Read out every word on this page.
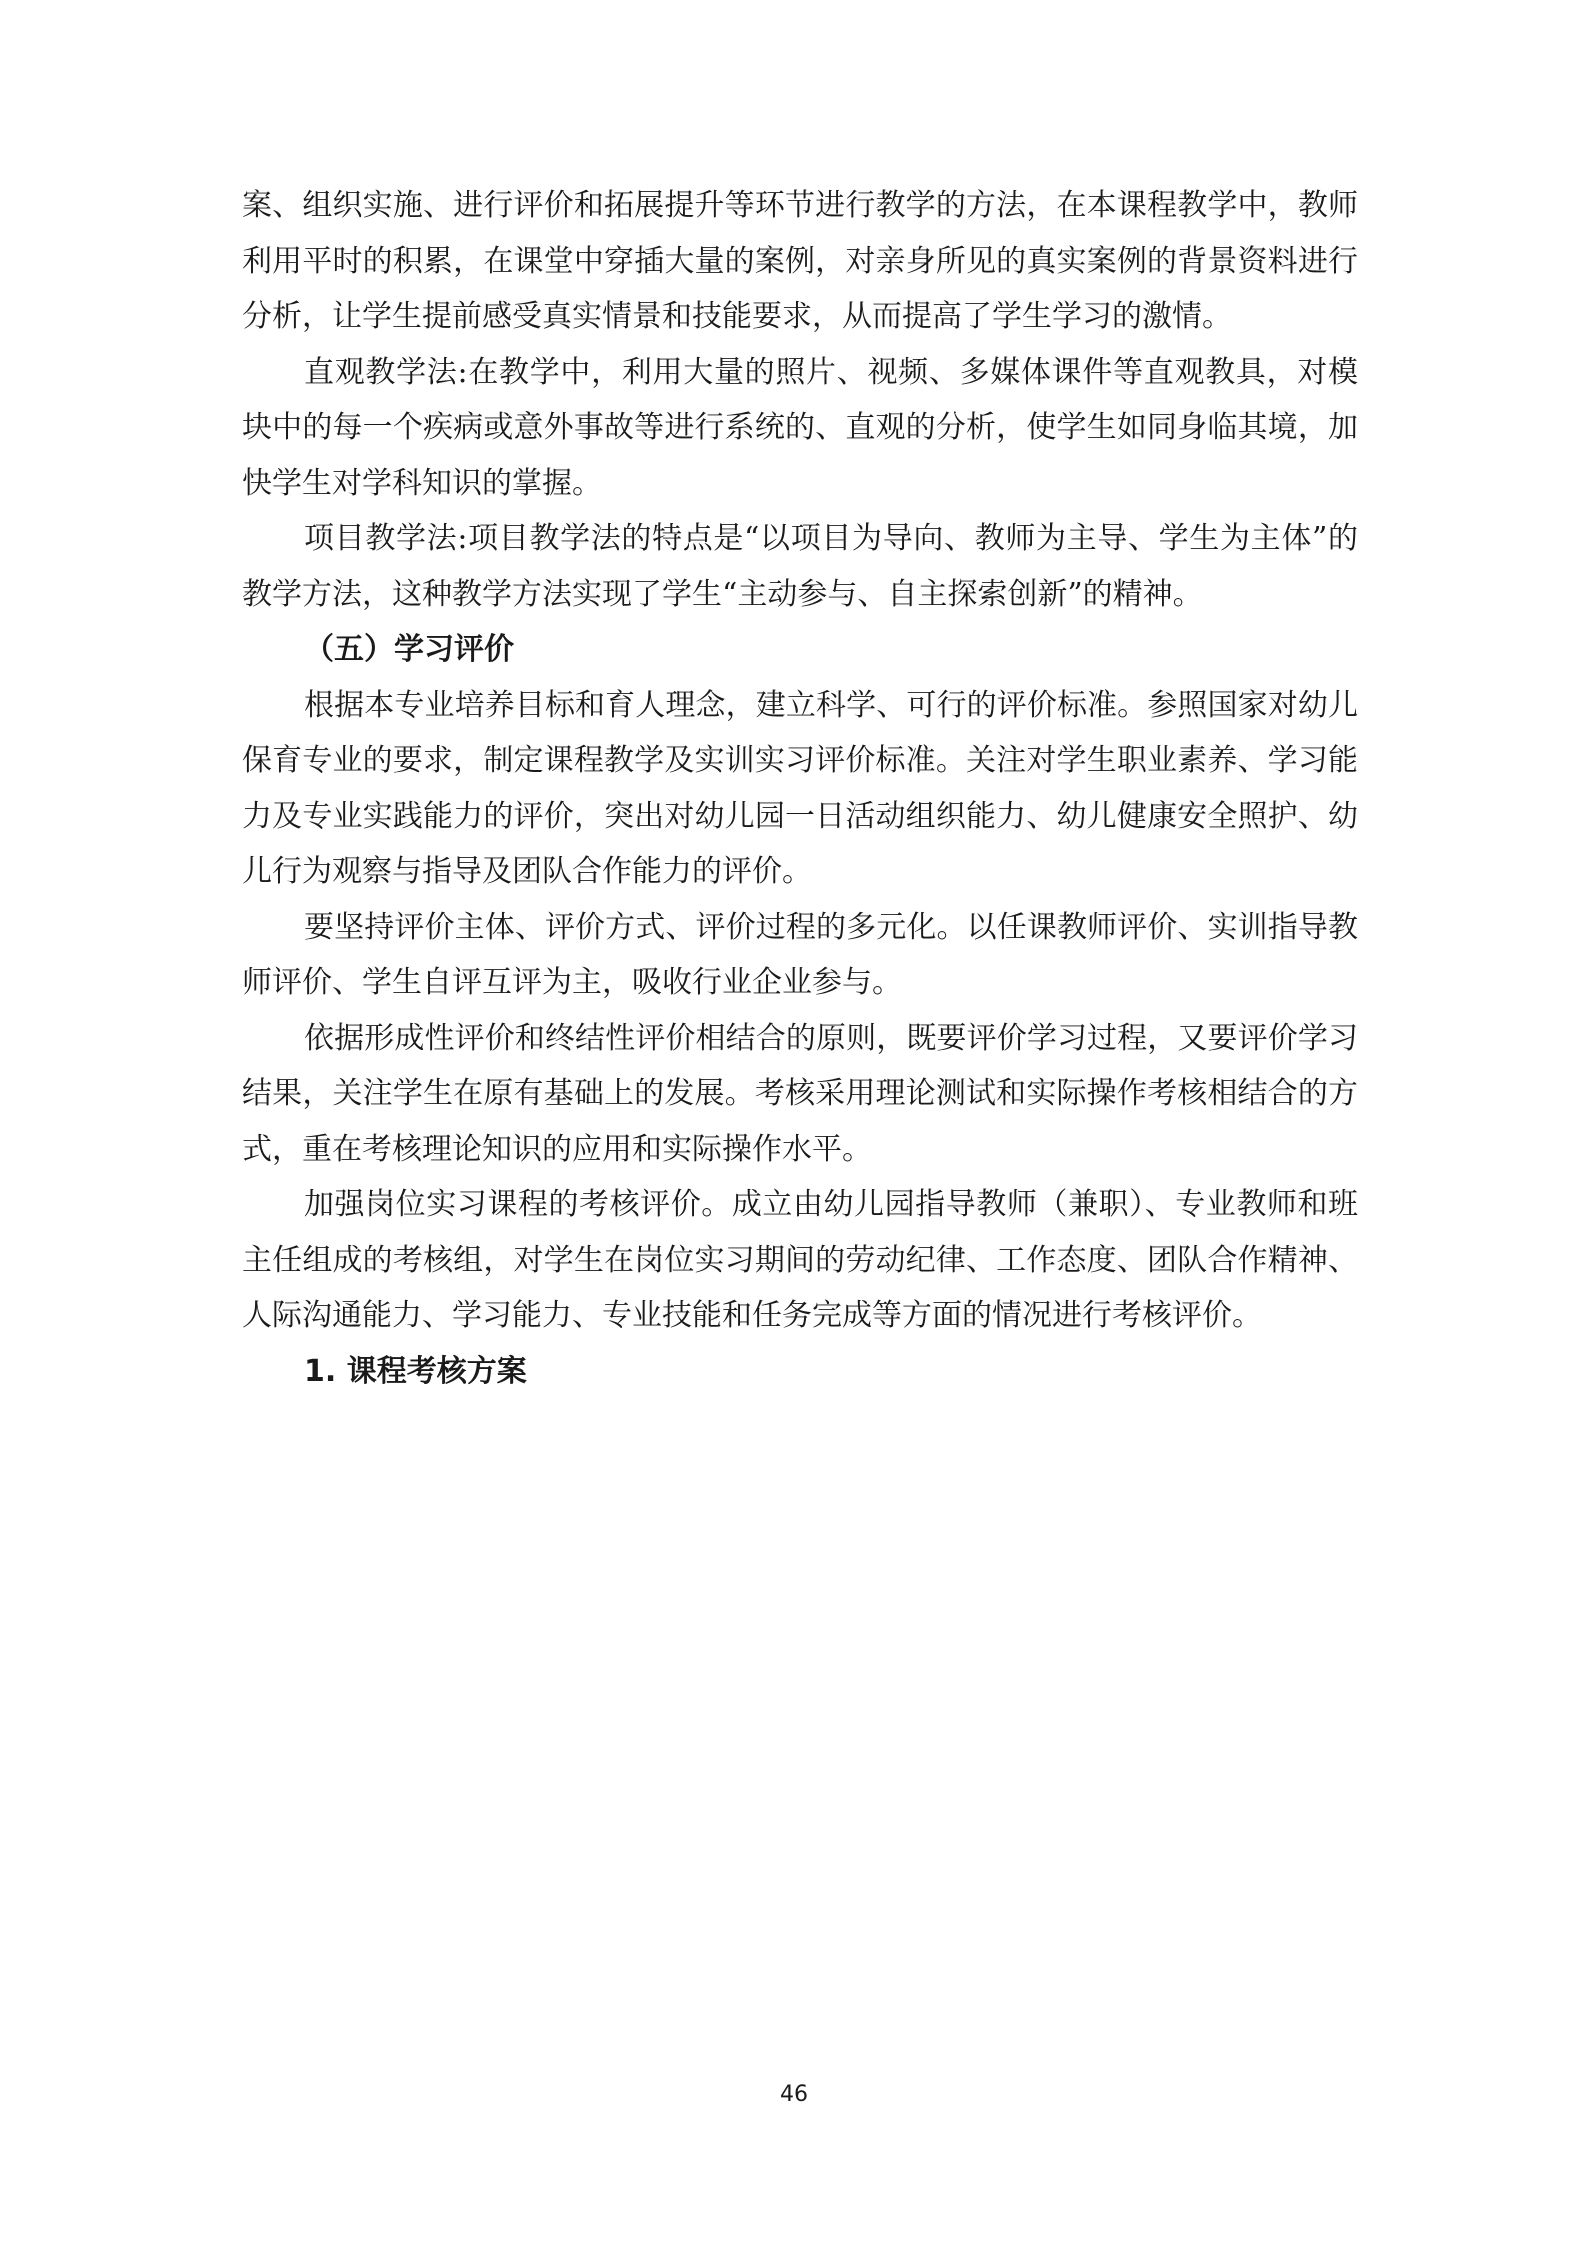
案、组织实施、进行评价和拓展提升等环节进行教学的方法，在本课程教学中，教师利用平时的积累，在课堂中穿插大量的案例，对亲身所见的真实案例的背景资料进行分析，让学生提前感受真实情景和技能要求，从而提高了学生学习的激情。

直观教学法:在教学中，利用大量的照片、视频、多媒体课件等直观教具，对模块中的每一个疾病或意外事故等进行系统的、直观的分析，使学生如同身临其境，加快学生对学科知识的掌握。

项目教学法:项目教学法的特点是“以项目为导向、教师为主导、学生为主体”的教学方法，这种教学方法实现了学生“主动参与、自主探索创新”的精神。

（五）学习评价

根据本专业培养目标和育人理念，建立科学、可行的评价标准。参照国家对幼儿保育专业的要求，制定课程教学及实训实习评价标准。关注对学生职业素养、学习能力及专业实践能力的评价，突出对幼儿园一日活动组织能力、幼儿健康安全照护、幼儿行为观察与指导及团队合作能力的评价。

要坚持评价主体、评价方式、评价过程的多元化。以任课教师评价、实训指导教师评价、学生自评互评为主，吸收行业企业参与。

依据形成性评价和终结性评价相结合的原则，既要评价学习过程，又要评价学习结果，关注学生在原有基础上的发展。考核采用理论测试和实际操作考核相结合的方式，重在考核理论知识的应用和实际操作水平。

加强岗位实习课程的考核评价。成立由幼儿园指导教师（兼职）、专业教师和班主任组成的考核组，对学生在岗位实习期间的劳动纪律、工作态度、团队合作精神、人际沟通能力、学习能力、专业技能和任务完成等方面的情况进行考核评价。

1. 课程考核方案

46
